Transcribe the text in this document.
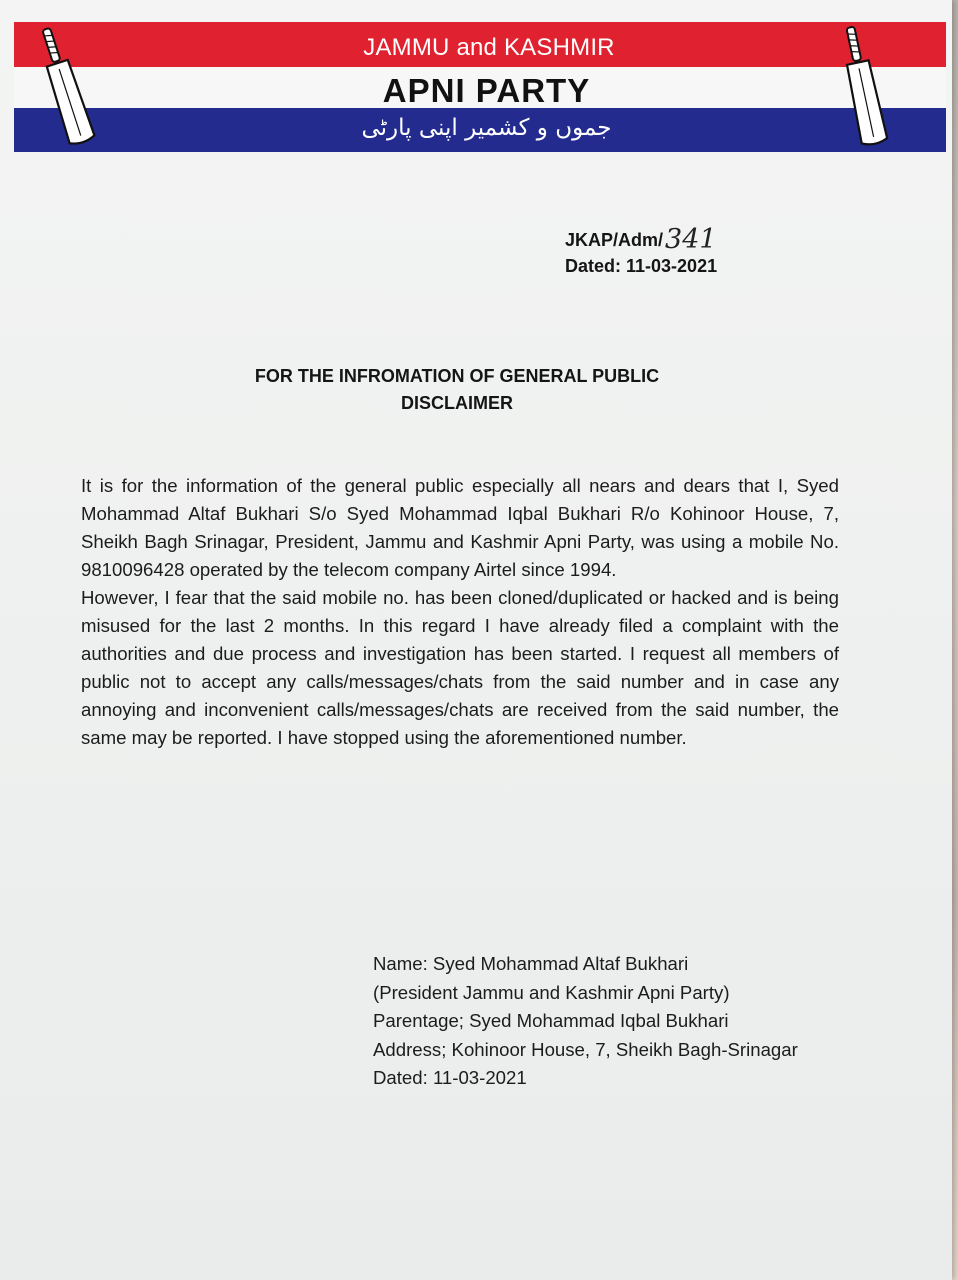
JAMMU and KASHMIR
APNI PARTY
جموں و کشمیر اپنی پارٹی
JKAP/Adm/341
Dated: 11-03-2021
FOR THE INFROMATION OF GENERAL PUBLIC
DISCLAIMER

It is for the information of the general public especially all nears and dears that I, Syed Mohammad Altaf Bukhari S/o Syed Mohammad Iqbal Bukhari R/o Kohinoor House, 7, Sheikh Bagh Srinagar, President, Jammu and Kashmir Apni Party, was using a mobile No. 9810096428 operated by the telecom company Airtel since 1994.

However, I fear that the said mobile no. has been cloned/duplicated or hacked and is being misused for the last 2 months. In this regard I have already filed a complaint with the authorities and due process and investigation has been started. I request all members of public not to accept any calls/messages/chats from the said number and in case any annoying and inconvenient calls/messages/chats are received from the said number, the same may be reported. I have stopped using the aforementioned number.

Name: Syed Mohammad Altaf Bukhari
(President Jammu and Kashmir Apni Party)
Parentage; Syed Mohammad Iqbal Bukhari
Address; Kohinoor House, 7, Sheikh Bagh-Srinagar
Dated: 11-03-2021
